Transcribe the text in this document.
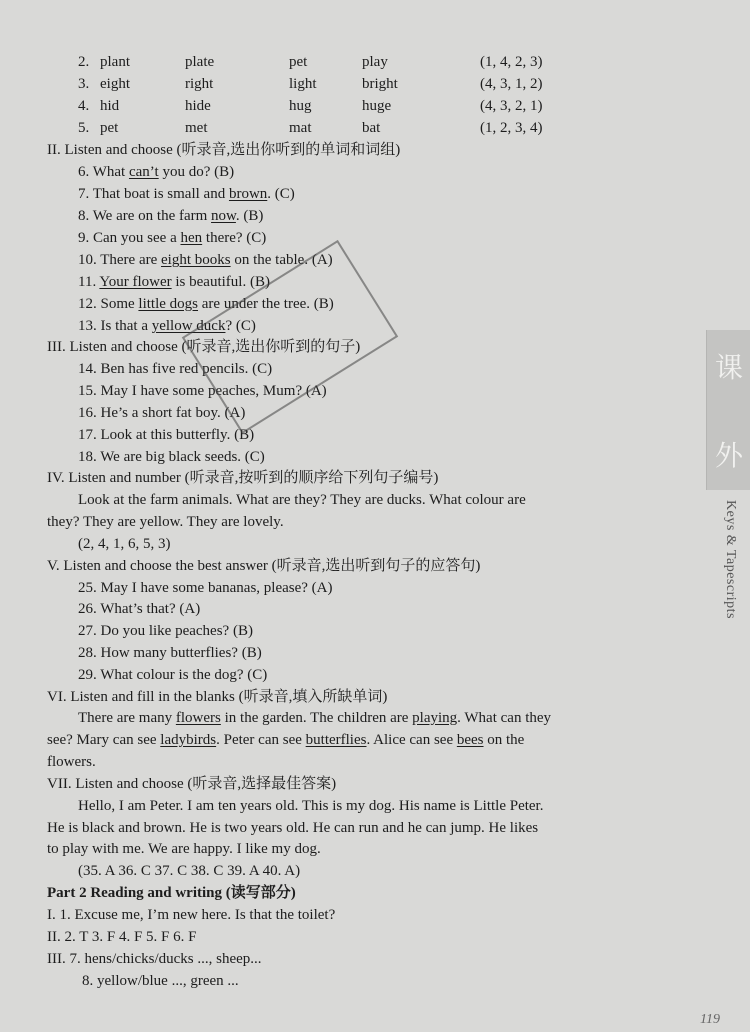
2. plant	plate	pet	play	(1, 4, 2, 3)
3. eight	right	light	bright	(4, 3, 1, 2)
4. hid	hide	hug	huge	(4, 3, 2, 1)
5. pet	met	mat	bat	(1, 2, 3, 4)
II. Listen and choose (听录音,选出你听到的单词和词组)
6. What can’t you do? (B)
7. That boat is small and brown. (C)
8. We are on the farm now. (B)
9. Can you see a hen there? (C)
10. There are eight books on the table. (A)
11. Your flower is beautiful. (B)
12. Some little dogs are under the tree. (B)
13. Is that a yellow duck? (C)
III. Listen and choose (听录音,选出你听到的句子)
14. Ben has five red pencils. (C)
15. May I have some peaches, Mum? (A)
16. He’s a short fat boy. (A)
17. Look at this butterfly. (B)
18. We are big black seeds. (C)
IV. Listen and number (听录音,按听到的顺序给下列句子编号)
Look at the farm animals. What are they? They are ducks. What colour are
they? They are yellow. They are lovely.
(2, 4, 1, 6, 5, 3)
V. Listen and choose the best answer (听录音,选出听到句子的应答句)
25. May I have some bananas, please? (A)
26. What’s that? (A)
27. Do you like peaches? (B)
28. How many butterflies? (B)
29. What colour is the dog? (C)
VI. Listen and fill in the blanks (听录音,填入所缺单词)
There are many flowers in the garden. The children are playing. What can they
see? Mary can see ladybirds. Peter can see butterflies. Alice can see bees on the
flowers.
VII. Listen and choose (听录音,选择最佳答案)
Hello, I am Peter. I am ten years old. This is my dog. His name is Little Peter.
He is black and brown. He is two years old. He can run and he can jump. He likes
to play with me. We are happy. I like my dog.
(35. A 36. C 37. C 38. C 39. A 40. A)
Part 2 Reading and writing (读写部分)
I. 1. Excuse me, I’m new here. Is that the toilet?
II. 2. T 3. F 4. F 5. F 6. F
III. 7. hens/chicks/ducks ..., sheep...
8. yellow/blue ..., green ...
课
外
Keys & Tapescripts
119
